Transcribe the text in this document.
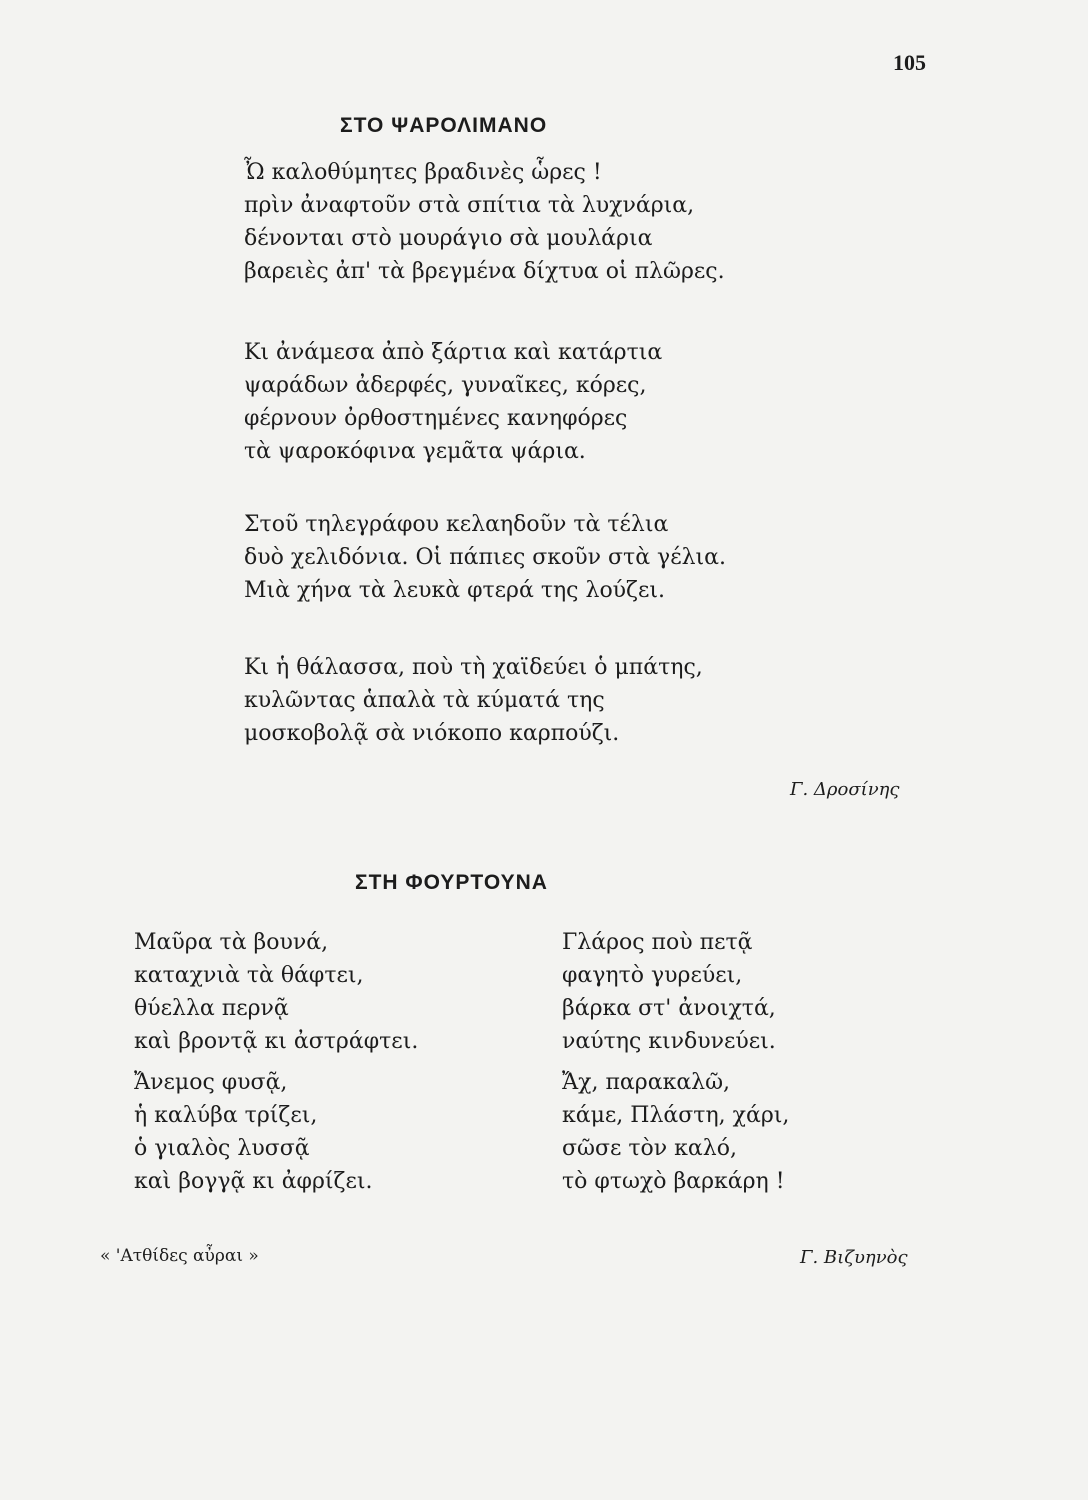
105
ΣΤΟ ΨΑΡΟΛΙΜΑΝΟ
Ὦ καλοθύμητες βραδινὲς ὧρες !
πρὶν ἀναφτοῦν στὰ σπίτια τὰ λυχνάρια,
δένονται στὸ μουράγιο σὰ μουλάρια
βαρειὲς ἀπ' τὰ βρεγμένα δίχτυα οἱ πλῶρες.
Κι ἀνάμεσα ἀπὸ ξάρτια καὶ κατάρτια
ψαράδων ἀδερφές, γυναῖκες, κόρες,
φέρνουν ὀρθοστημένες κανηφόρες
τὰ ψαροκόφινα γεμᾶτα ψάρια.
Στοῦ τηλεγράφου κελαηδοῦν τὰ τέλια
δυὸ χελιδόνια. Οἱ πάπιες σκοῦν στὰ γέλια.
Μιὰ χήνα τὰ λευκὰ φτερά της λούζει.
Κι ἡ θάλασσα, ποὺ τὴ χαϊδεύει ὁ μπάτης,
κυλῶντας ἁπαλὰ τὰ κύματά της
μοσκοβολᾷ σὰ νιόκοπο καρπούζι.
Γ. Δροσίνης
ΣΤΗ ΦΟΥΡΤΟΥΝΑ
Μαῦρα τὰ βουνά,
καταχνιὰ τὰ θάφτει,
θύελλα περνᾷ
καὶ βροντᾷ κι ἀστράφτει.
Γλάρος ποὺ πετᾷ
φαγητὸ γυρεύει,
βάρκα στ' ἀνοιχτά,
ναύτης κινδυνεύει.
Ἄνεμος φυσᾷ,
ἡ καλύβα τρίζει,
ὁ γιαλὸς λυσσᾷ
καὶ βογγᾷ κι ἀφρίζει.
Ἄχ, παρακαλῶ,
κάμε, Πλάστη, χάρι,
σῶσε τὸν καλό,
τὸ φτωχὸ βαρκάρη !
« 'Ατθίδες αὖραι »	Γ. Βιζυηνὸς
